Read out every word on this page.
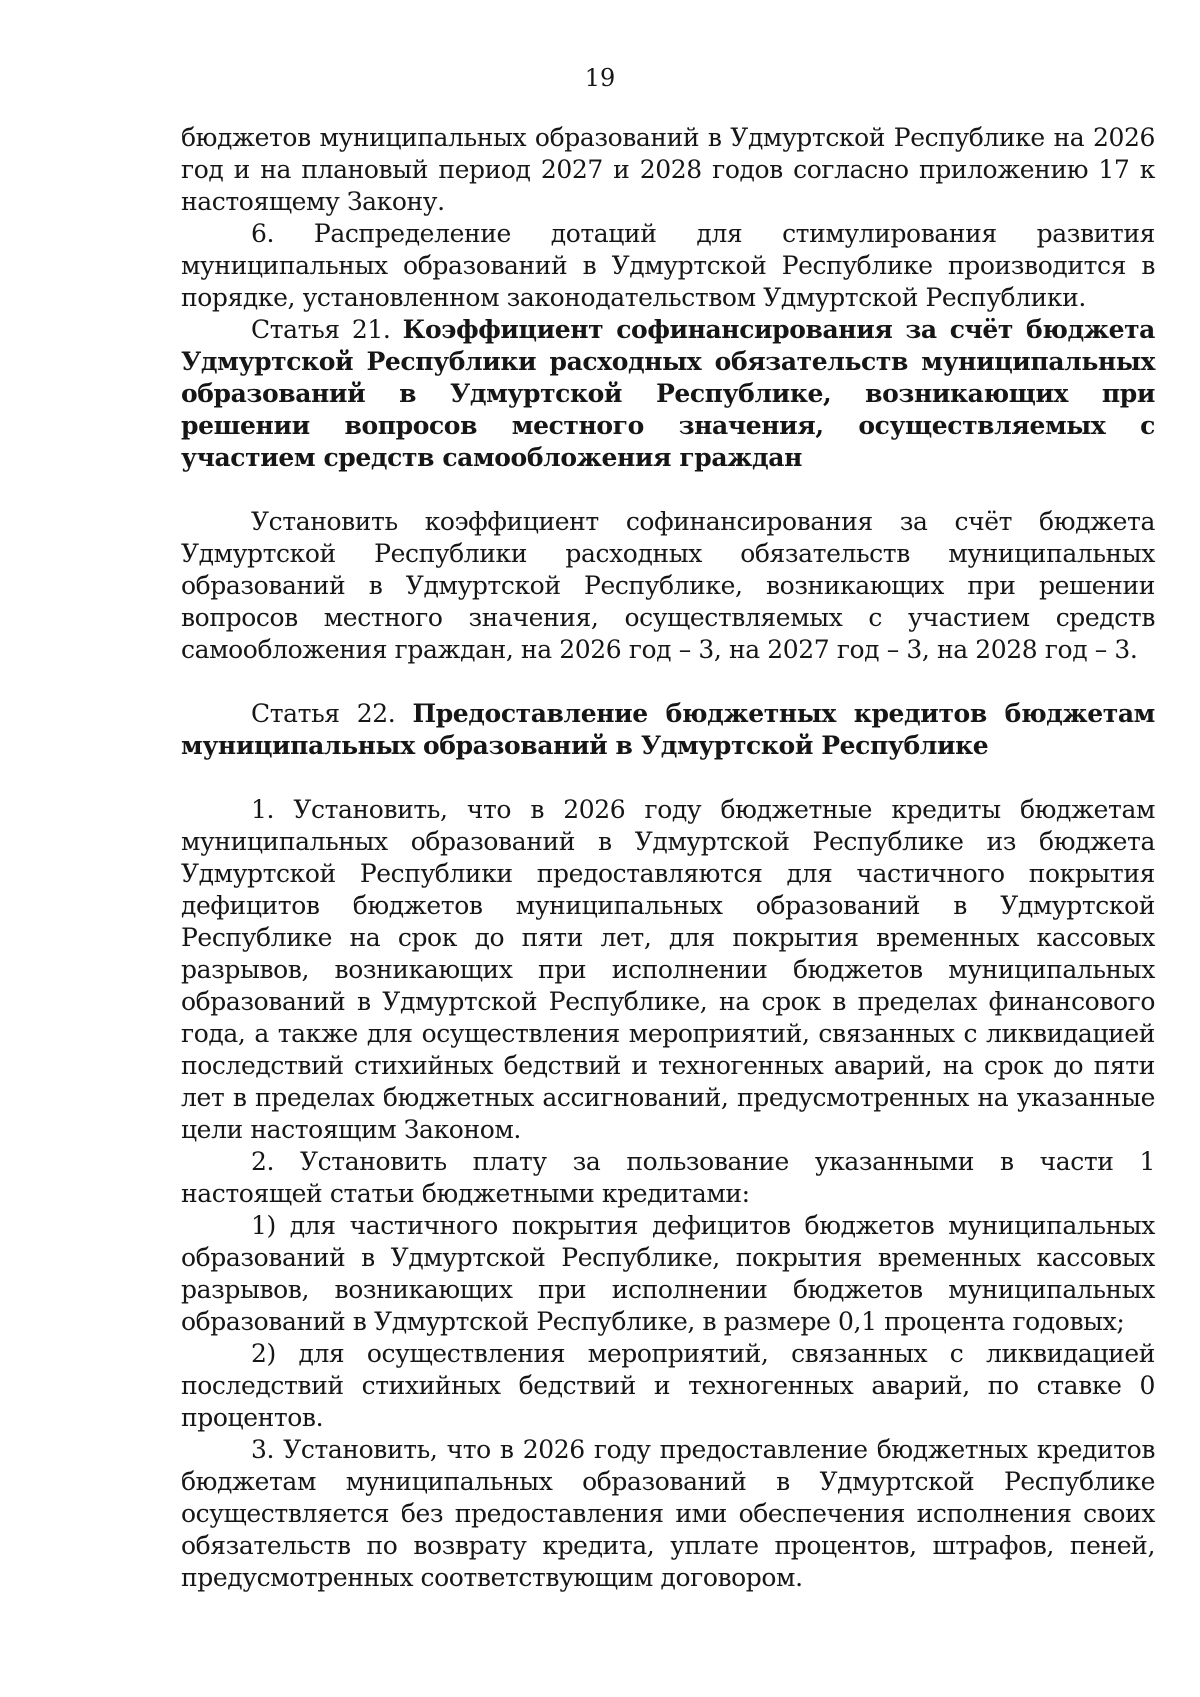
19

бюджетов муниципальных образований в Удмуртской Республике на 2026 год и на плановый период 2027 и 2028 годов согласно приложению 17 к настоящему Закону.

6. Распределение дотаций для стимулирования развития муниципальных образований в Удмуртской Республике производится в порядке, установленном законодательством Удмуртской Республики.

Статья 21. Коэффициент софинансирования за счёт бюджета Удмуртской Республики расходных обязательств муниципальных образований в Удмуртской Республике, возникающих при решении вопросов местного значения, осуществляемых с участием средств самообложения граждан

Установить коэффициент софинансирования за счёт бюджета Удмуртской Республики расходных обязательств муниципальных образований в Удмуртской Республике, возникающих при решении вопросов местного значения, осуществляемых с участием средств самообложения граждан, на 2026 год – 3, на 2027 год – 3, на 2028 год – 3.

Статья 22. Предоставление бюджетных кредитов бюджетам муниципальных образований в Удмуртской Республике

1. Установить, что в 2026 году бюджетные кредиты бюджетам муниципальных образований в Удмуртской Республике из бюджета Удмуртской Республики предоставляются для частичного покрытия дефицитов бюджетов муниципальных образований в Удмуртской Республике на срок до пяти лет, для покрытия временных кассовых разрывов, возникающих при исполнении бюджетов муниципальных образований в Удмуртской Республике, на срок в пределах финансового года, а также для осуществления мероприятий, связанных с ликвидацией последствий стихийных бедствий и техногенных аварий, на срок до пяти лет в пределах бюджетных ассигнований, предусмотренных на указанные цели настоящим Законом.

2. Установить плату за пользование указанными в части 1 настоящей статьи бюджетными кредитами:

1) для частичного покрытия дефицитов бюджетов муниципальных образований в Удмуртской Республике, покрытия временных кассовых разрывов, возникающих при исполнении бюджетов муниципальных образований в Удмуртской Республике, в размере 0,1 процента годовых;

2) для осуществления мероприятий, связанных с ликвидацией последствий стихийных бедствий и техногенных аварий, по ставке 0 процентов.

3. Установить, что в 2026 году предоставление бюджетных кредитов бюджетам муниципальных образований в Удмуртской Республике осуществляется без предоставления ими обеспечения исполнения своих обязательств по возврату кредита, уплате процентов, штрафов, пеней, предусмотренных соответствующим договором.
